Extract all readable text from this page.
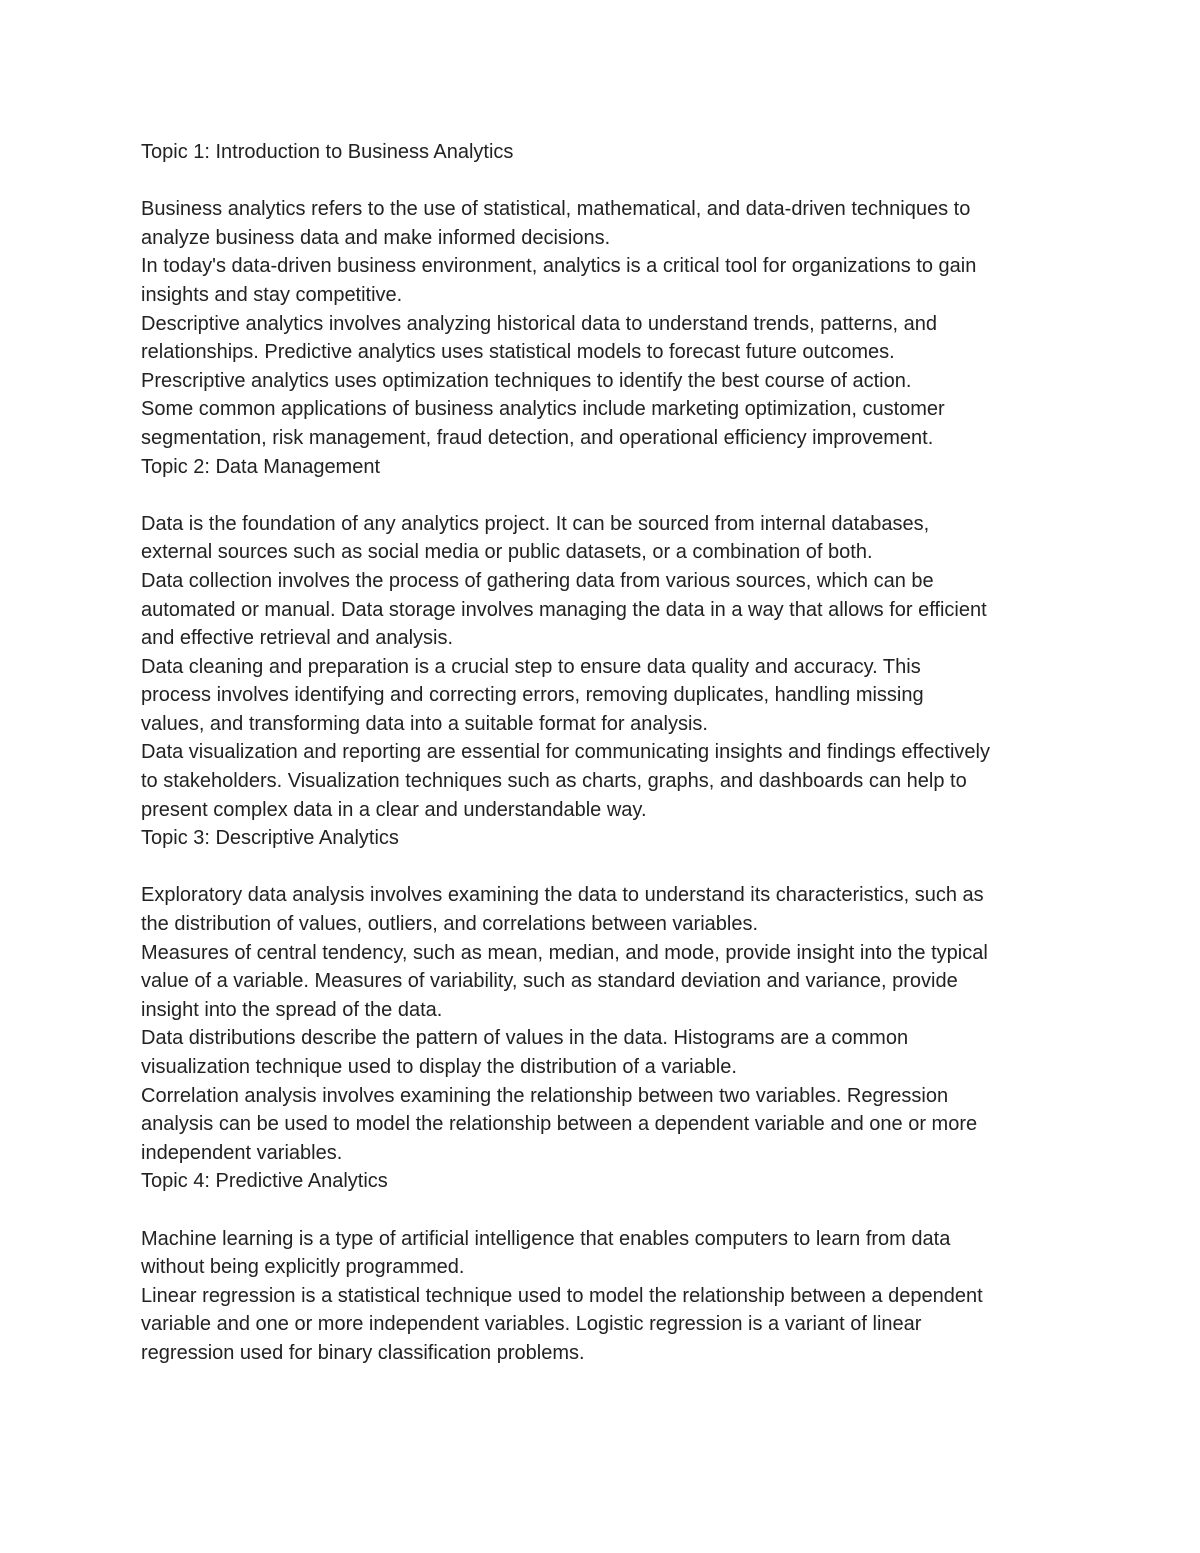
Topic 1: Introduction to Business Analytics

Business analytics refers to the use of statistical, mathematical, and data-driven techniques to

analyze business data and make informed decisions.

In today's data-driven business environment, analytics is a critical tool for organizations to gain

insights and stay competitive.

Descriptive analytics involves analyzing historical data to understand trends, patterns, and

relationships. Predictive analytics uses statistical models to forecast future outcomes.

Prescriptive analytics uses optimization techniques to identify the best course of action.

Some common applications of business analytics include marketing optimization, customer

segmentation, risk management, fraud detection, and operational efficiency improvement.

Topic 2: Data Management

Data is the foundation of any analytics project. It can be sourced from internal databases,

external sources such as social media or public datasets, or a combination of both.

Data collection involves the process of gathering data from various sources, which can be

automated or manual. Data storage involves managing the data in a way that allows for efficient

and effective retrieval and analysis.

Data cleaning and preparation is a crucial step to ensure data quality and accuracy. This

process involves identifying and correcting errors, removing duplicates, handling missing

values, and transforming data into a suitable format for analysis.

Data visualization and reporting are essential for communicating insights and findings effectively

to stakeholders. Visualization techniques such as charts, graphs, and dashboards can help to

present complex data in a clear and understandable way.

Topic 3: Descriptive Analytics

Exploratory data analysis involves examining the data to understand its characteristics, such as

the distribution of values, outliers, and correlations between variables.

Measures of central tendency, such as mean, median, and mode, provide insight into the typical

value of a variable. Measures of variability, such as standard deviation and variance, provide

insight into the spread of the data.

Data distributions describe the pattern of values in the data. Histograms are a common

visualization technique used to display the distribution of a variable.

Correlation analysis involves examining the relationship between two variables. Regression

analysis can be used to model the relationship between a dependent variable and one or more

independent variables.

Topic 4: Predictive Analytics

Machine learning is a type of artificial intelligence that enables computers to learn from data

without being explicitly programmed.

Linear regression is a statistical technique used to model the relationship between a dependent

variable and one or more independent variables. Logistic regression is a variant of linear

regression used for binary classification problems.
